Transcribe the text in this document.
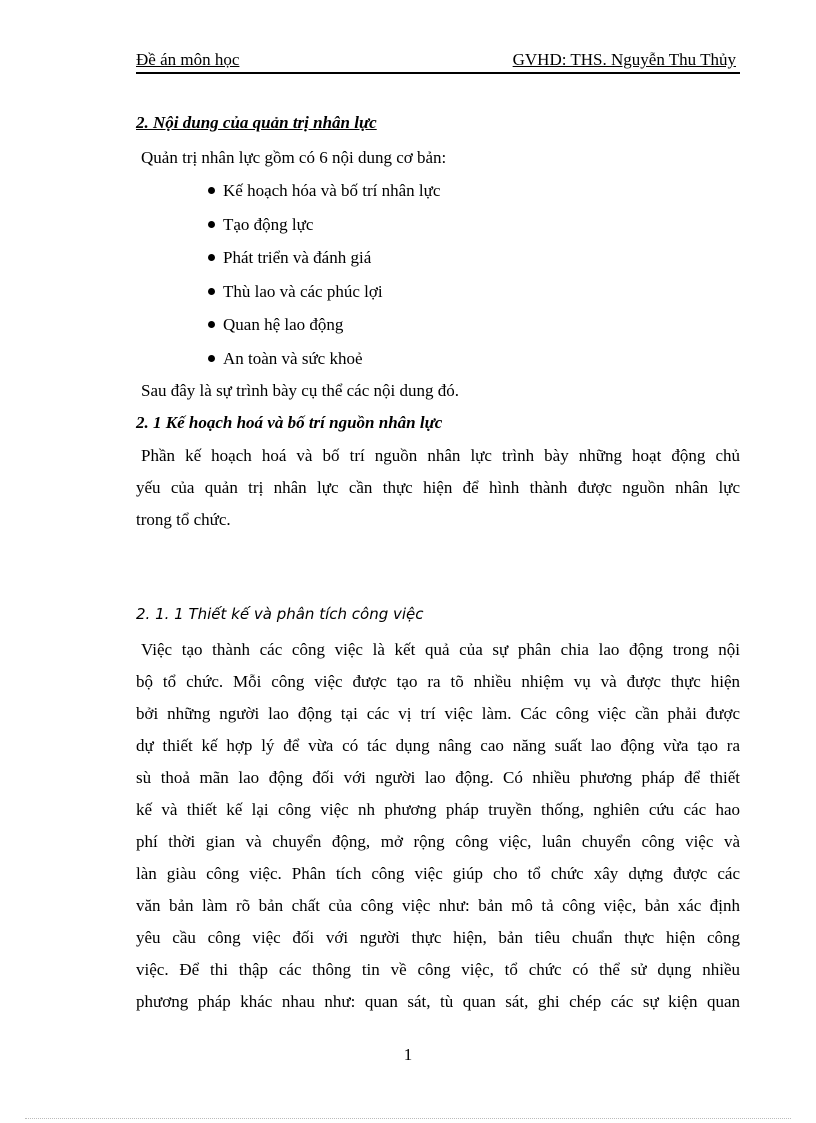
Đề án môn học	GVHD: THS. Nguyễn Thu Thủy
2. Nội dung của quản trị nhân lực
Quản trị nhân lực gồm có 6 nội dung cơ bản:
Kế hoạch hóa và bố trí nhân lực
Tạo động lực
Phát triển và đánh giá
Thù lao và các phúc lợi
Quan hệ lao động
An toàn và sức khoẻ
Sau đây là sự trình bày cụ thể các nội dung đó.
2. 1 Kế hoạch hoá và bố trí nguồn nhân lực
Phần kế hoạch hoá và bố trí nguồn nhân lực trình bày những hoạt động chủ
yếu của quản trị nhân lực cần thực hiện để hình thành được nguồn nhân lực
trong tổ chức.
2. 1. 1 Thiết kế và phân tích công việc
Việc tạo thành các công việc là kết quả của sự phân chia lao động trong nội
bộ tổ chức. Mỗi công việc được tạo ra tõ nhiều nhiệm vụ và được thực hiện
bởi những người lao động tại các vị trí việc làm. Các công việc cần phải được
dự thiết kế hợp lý để vừa có tác dụng nâng cao năng suất lao động vừa tạo ra
sù thoả mãn lao động đối với người lao động. Có nhiều phương pháp để thiết
kế và thiết kế lại công việc nh phương pháp truyền thống, nghiên cứu các hao
phí thời gian và chuyển động, mở rộng công việc, luân chuyển công việc và
làn giàu công việc. Phân tích công việc giúp cho tổ chức xây dựng được các
văn bản làm rõ bản chất của công việc như: bản mô tả công việc, bản xác định
yêu cầu công việc đối với người thực hiện, bản tiêu chuẩn thực hiện công
việc. Để thi thập các thông tin về công việc, tổ chức có thể sử dụng nhiều
phương pháp khác nhau như: quan sát, tù quan sát, ghi chép các sự kiện quan
1
